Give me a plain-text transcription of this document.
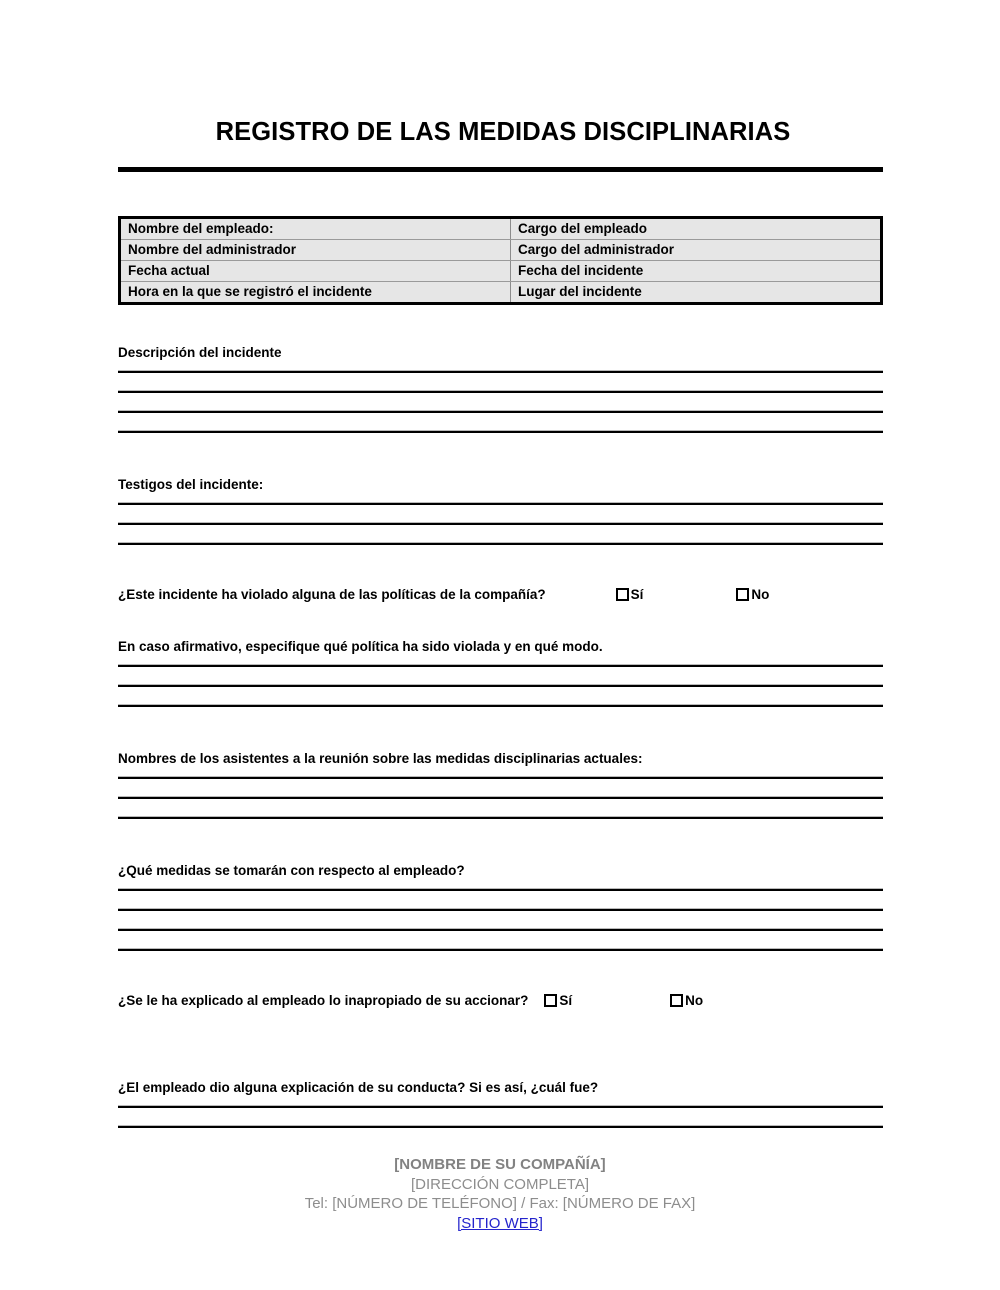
REGISTRO DE LAS MEDIDAS DISCIPLINARIAS
Nombre del empleado:	Cargo del empleado
Nombre del administrador	Cargo del administrador
Fecha actual	Fecha del incidente
Hora en la que se registró el incidente	Lugar del incidente
Descripción del incidente
Testigos del incidente:
¿Este incidente ha violado alguna de las políticas de la compañía?	Sí	No
En caso afirmativo, especifique qué política ha sido violada y en qué modo.
Nombres de los asistentes a la reunión sobre las medidas disciplinarias actuales:
¿Qué medidas se tomarán con respecto al empleado?
¿Se le ha explicado al empleado lo inapropiado de su accionar? Sí	No
¿El empleado dio alguna explicación de su conducta? Si es así, ¿cuál fue?
[NOMBRE DE SU COMPAÑÍA]
[DIRECCIÓN COMPLETA]
Tel: [NÚMERO DE TELÉFONO] / Fax: [NÚMERO DE FAX]
[SITIO WEB]
